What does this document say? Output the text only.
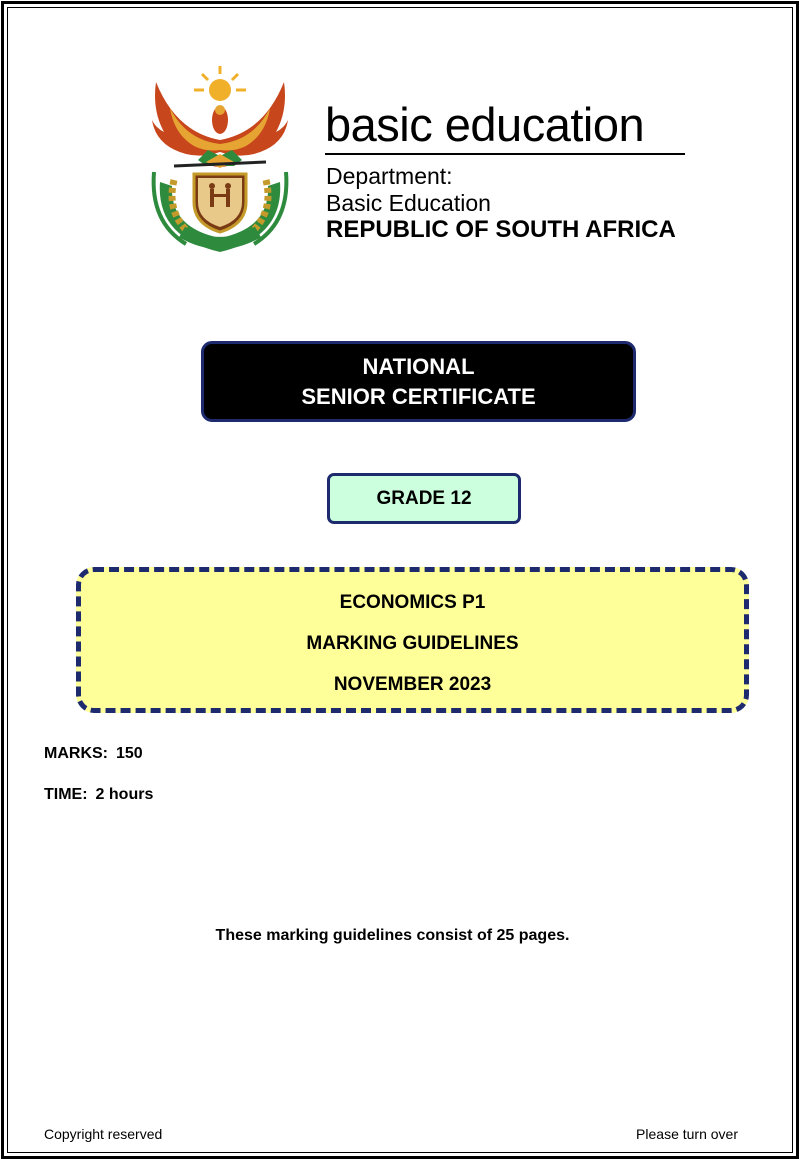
basic education
Department:
Basic Education
REPUBLIC OF SOUTH AFRICA
NATIONAL
SENIOR CERTIFICATE
GRADE 12
ECONOMICS P1
MARKING GUIDELINES
NOVEMBER 2023
MARKS: 150
TIME: 2 hours
These marking guidelines consist of 25 pages.
Copyright reserved	Please turn over
